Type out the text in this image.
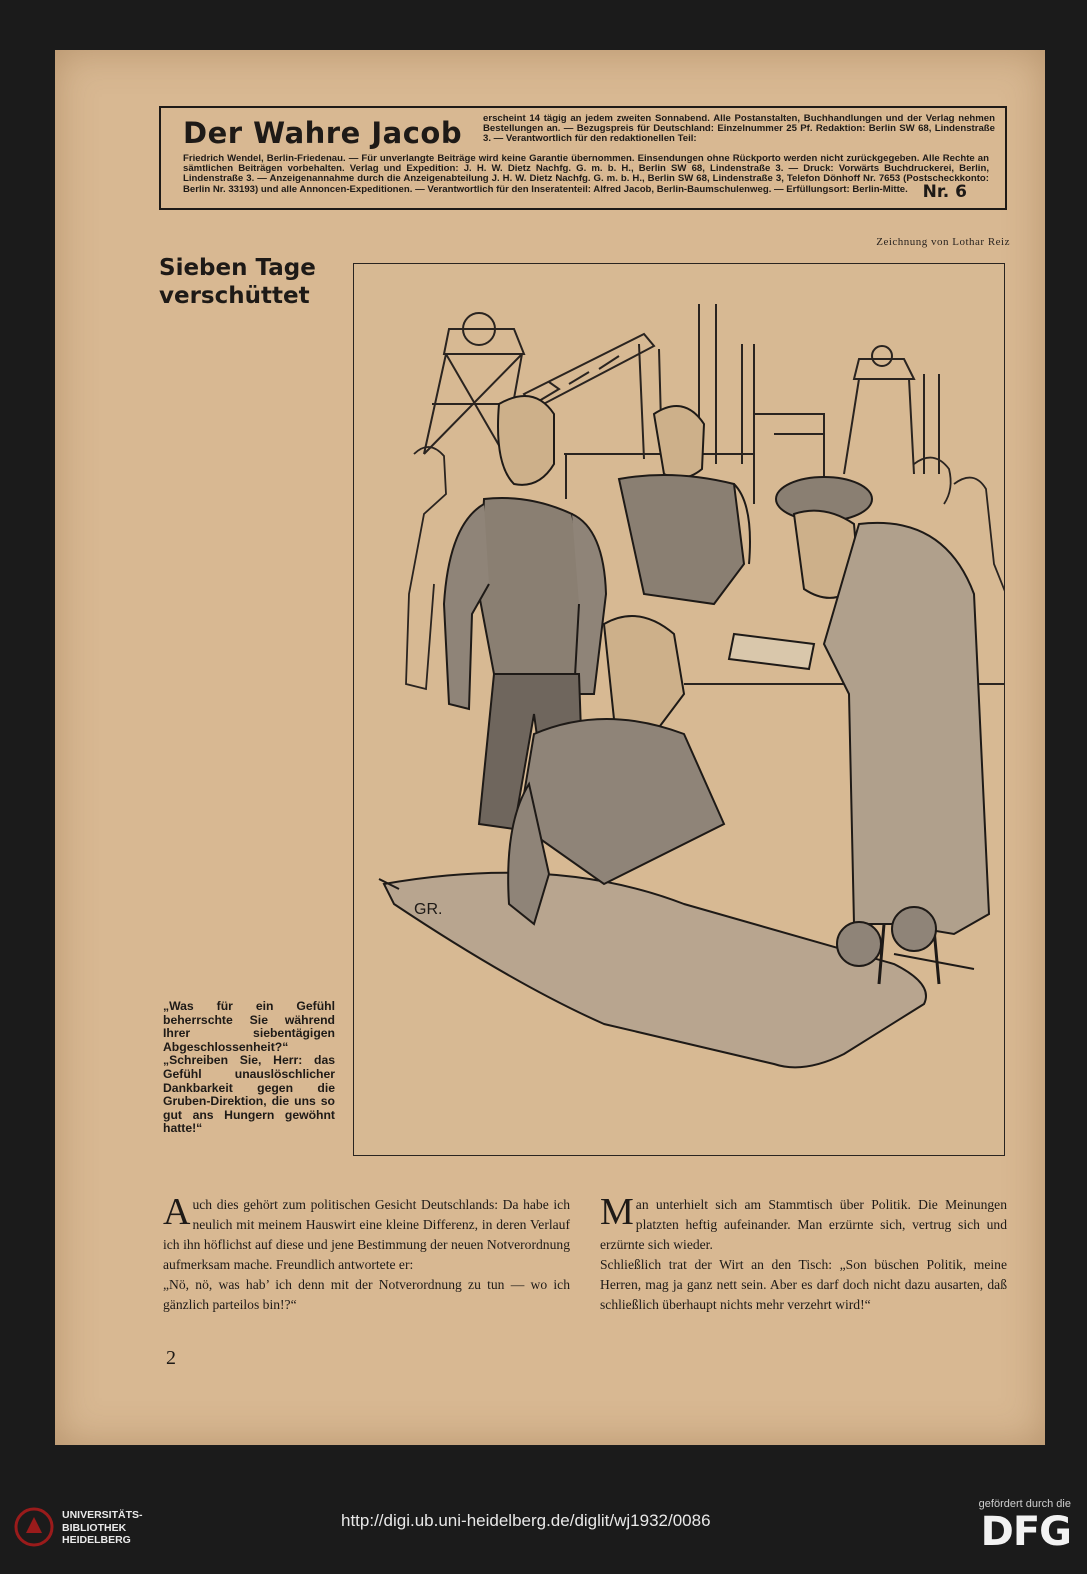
Der Wahre Jacob erscheint 14 tägig an jedem zweiten Sonnabend. Alle Postanstalten, Buchhandlungen und der Verlag nehmen Bestellungen an. — Bezugspreis für Deutschland: Einzelnummer 25 Pf. Redaktion: Berlin SW 68, Lindenstraße 3. — Verantwortlich für den redaktionellen Teil:
Friedrich Wendel, Berlin-Friedenau. — Für unverlangte Beiträge wird keine Garantie übernommen. Einsendungen ohne Rückporto werden nicht zurückgegeben. Alle Rechte an sämtlichen Beiträgen vorbehalten. Verlag und Expedition: J. H. W. Dietz Nachfg. G. m. b. H., Berlin SW 68, Lindenstraße 3. — Druck: Vorwärts Buchdruckerei, Berlin, Lindenstraße 3. — Anzeigenannahme durch die Anzeigenabteilung J. H. W. Dietz Nachfg. G. m. b. H., Berlin SW 68, Lindenstraße 3, Telefon Dönhoff Nr. 7653 (Postscheckkonto: Berlin Nr. 33193) und alle Annoncen-Expeditionen. — Verantwortlich für den Inseratenteil: Alfred Jacob, Berlin-Baumschulenweg. — Erfüllungsort: Berlin-Mitte. Nr. 6
Zeichnung von Lothar Reiz
Sieben Tage
verschüttet
GR.
„Was für ein Gefühl beherrschte Sie während Ihrer siebentägigen Abgeschlossenheit?“ „Schreiben Sie, Herr: das Gefühl unauslöschlicher Dankbarkeit gegen die Gruben-Direktion, die uns so gut ans Hungern gewöhnt hatte!“

Auch dies gehört zum politischen Gesicht Deutschlands: Da habe ich neulich mit meinem Hauswirt eine kleine Differenz, in deren Verlauf ich ihn höflichst auf diese und jene Bestimmung der neuen Notverordnung aufmerksam mache. Freundlich antwortete er:

„Nö, nö, was hab’ ich denn mit der Notverordnung zu tun — wo ich gänzlich parteilos bin!?“

Man unterhielt sich am Stammtisch über Politik. Die Meinungen platzten heftig aufeinander. Man erzürnte sich, vertrug sich und erzürnte sich wieder.

Schließlich trat der Wirt an den Tisch: „Son büschen Politik, meine Herren, mag ja ganz nett sein. Aber es darf doch nicht dazu ausarten, daß schließlich überhaupt nichts mehr verzehrt wird!“

2
UNIVERSITÄTS-
BIBLIOTHEK
HEIDELBERG
http://digi.ub.uni-heidelberg.de/diglit/wj1932/0086
gefördert durch die
DFG
